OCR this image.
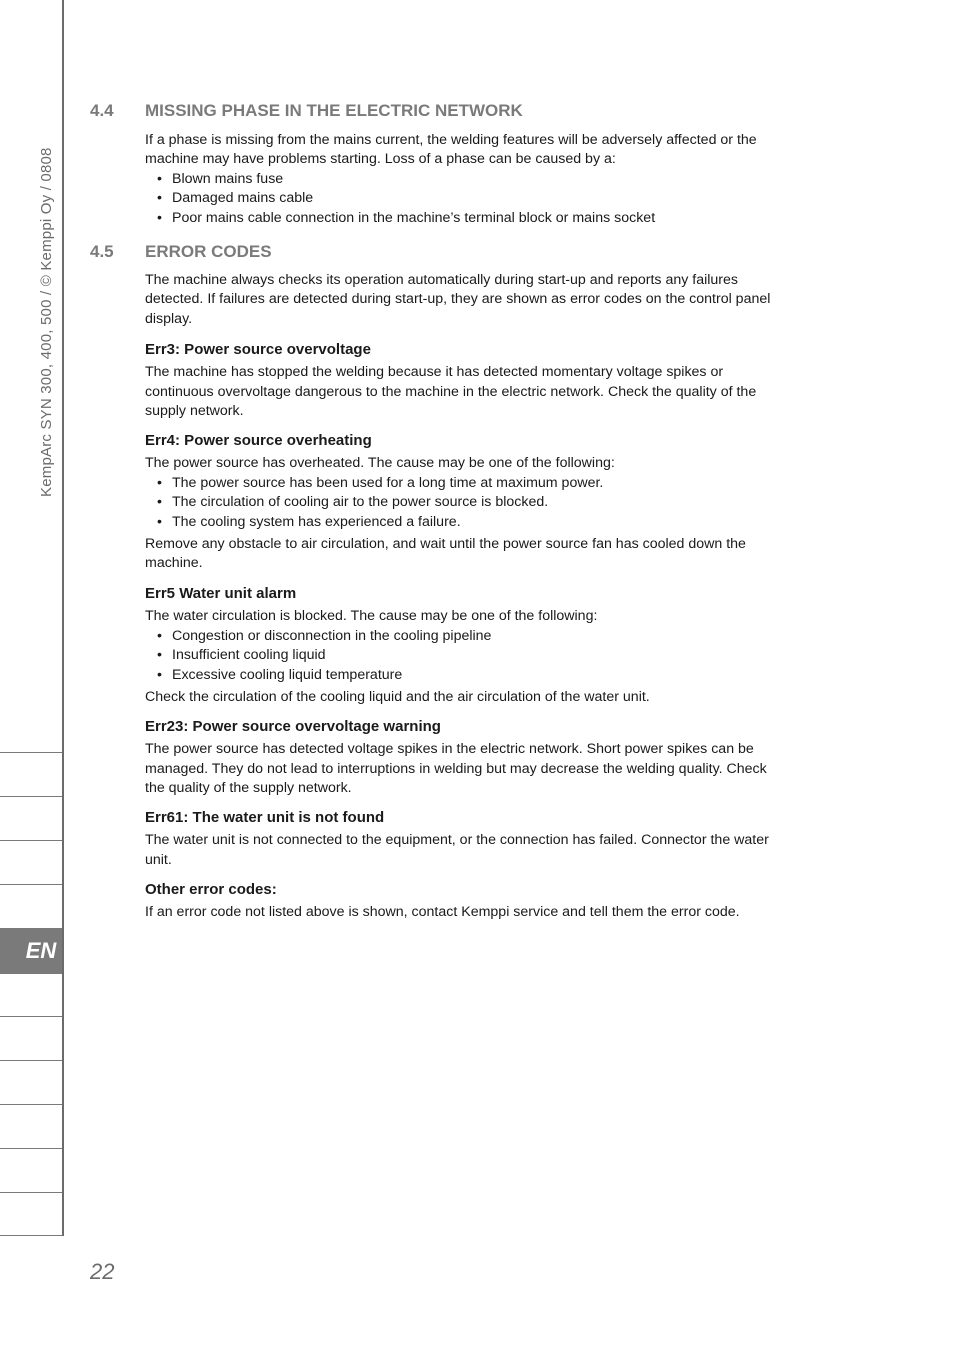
KempArc SYN 300, 400, 500 / © Kemppi Oy / 0808
EN
22
4.4 MISSING PHASE IN THE ELECTRIC NETWORK

If a phase is missing from the mains current, the welding features will be adversely affected or the machine may have problems starting. Loss of a phase can be caused by a:

• Blown mains fuse
• Damaged mains cable
• Poor mains cable connection in the machine’s terminal block or mains socket
4.5 ERROR CODES

The machine always checks its operation automatically during start-up and reports any failures detected. If failures are detected during start-up, they are shown as error codes on the control panel display.

Err3: Power source overvoltage

The machine has stopped the welding because it has detected momentary voltage spikes or continuous overvoltage dangerous to the machine in the electric network. Check the quality of the supply network.

Err4: Power source overheating

The power source has overheated. The cause may be one of the following:

• The power source has been used for a long time at maximum power.
• The circulation of cooling air to the power source is blocked.
• The cooling system has experienced a failure.

Remove any obstacle to air circulation, and wait until the power source fan has cooled down the machine.

Err5 Water unit alarm

The water circulation is blocked. The cause may be one of the following:

• Congestion or disconnection in the cooling pipeline
• Insufficient cooling liquid
• Excessive cooling liquid temperature

Check the circulation of the cooling liquid and the air circulation of the water unit.

Err23: Power source overvoltage warning

The power source has detected voltage spikes in the electric network. Short power spikes can be managed. They do not lead to interruptions in welding but may decrease the welding quality. Check the quality of the supply network.

Err61: The water unit is not found

The water unit is not connected to the equipment, or the connection has failed. Connector the water unit.

Other error codes:

If an error code not listed above is shown, contact Kemppi service and tell them the error code.
